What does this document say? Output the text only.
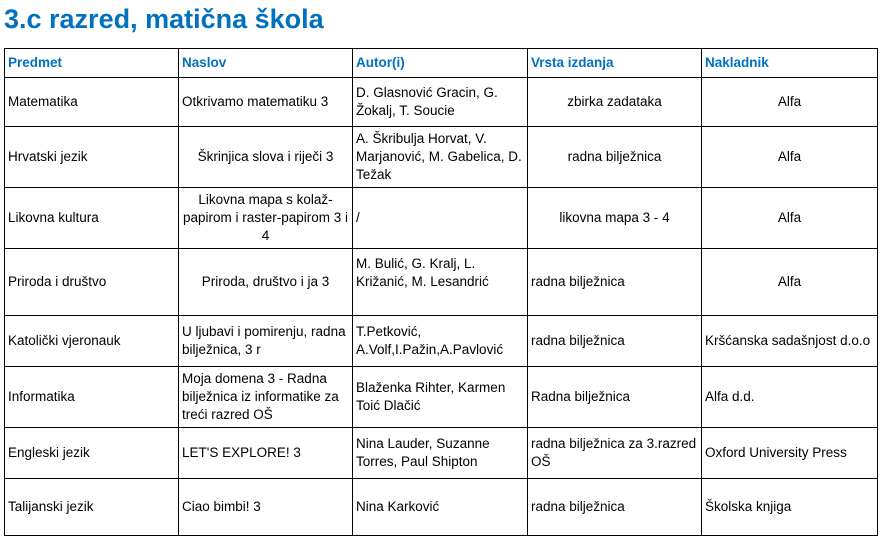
3.c razred, matična škola
Predmet	Naslov	Autor(i)	Vrsta izdanja	Nakladnik
Matematika	Otkrivamo matematiku 3	D. Glasnović Gracin, G. Žokalj, T. Soucie	zbirka zadataka	Alfa
Hrvatski jezik	Škrinjica slova i riječi 3	A. Škribulja Horvat, V. Marjanović, M. Gabelica, D. Težak	radna bilježnica	Alfa
Likovna kultura	Likovna mapa s kolaž-papirom i raster-papirom 3 i 4	/	likovna mapa 3 - 4	Alfa
Priroda i društvo	Priroda, društvo i ja 3	M. Bulić, G. Kralj, L. Križanić, M. Lesandrić	radna bilježnica	Alfa
Katolički vjeronauk	U ljubavi i pomirenju, radna bilježnica, 3 r	T.Petković, A.Volf,I.Pažin,A.Pavlović	radna bilježnica	Kršćanska sadašnjost d.o.o
Informatika	Moja domena 3 - Radna bilježnica iz informatike za treći razred OŠ	Blaženka Rihter, Karmen Toić Dlačić	Radna bilježnica	Alfa d.d.
Engleski jezik	LET'S EXPLORE! 3	Nina Lauder, Suzanne Torres, Paul Shipton	radna bilježnica za 3.razred OŠ	Oxford University Press
Talijanski jezik	Ciao bimbi! 3	Nina Karković	radna bilježnica	Školska knjiga
